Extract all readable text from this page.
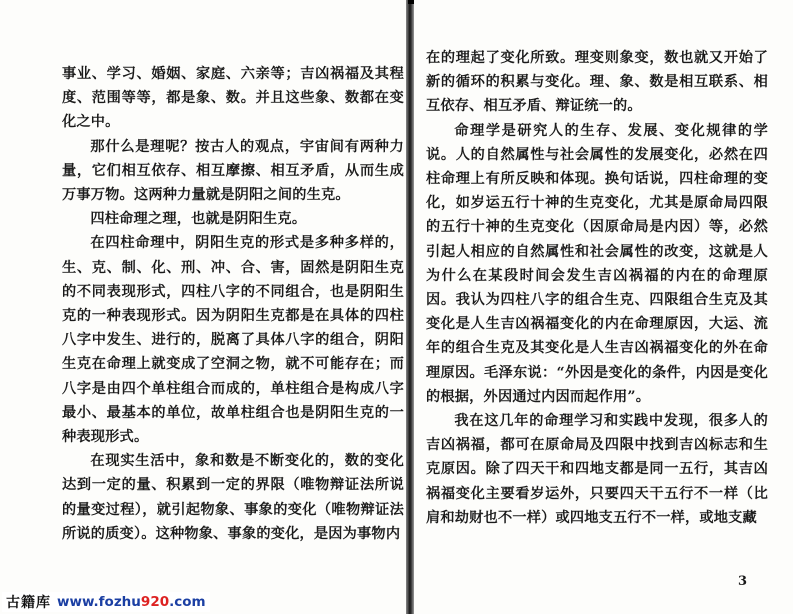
事业、学习、婚姻、家庭、六亲等；吉凶祸福及其程度、范围等等，都是象、数。并且这些象、数都在变化之中。

那什么是理呢？按古人的观点，宇宙间有两种力量，它们相互依存、相互摩擦、相互矛盾，从而生成万事万物。这两种力量就是阴阳之间的生克。

四柱命理之理，也就是阴阳生克。

在四柱命理中，阴阳生克的形式是多种多样的，生、克、制、化、刑、冲、合、害，固然是阴阳生克的不同表现形式，四柱八字的不同组合，也是阴阳生克的一种表现形式。因为阴阳生克都是在具体的四柱八字中发生、进行的，脱离了具体八字的组合，阴阳生克在命理上就变成了空洞之物，就不可能存在；而八字是由四个单柱组合而成的，单柱组合是构成八字最小、最基本的单位，故单柱组合也是阴阳生克的一种表现形式。

在现实生活中，象和数是不断变化的，数的变化达到一定的量、积累到一定的界限（唯物辩证法所说的量变过程），就引起物象、事象的变化（唯物辩证法所说的质变）。这种物象、事象的变化，是因为事物内

在的理起了变化所致。理变则象变，数也就又开始了新的循环的积累与变化。理、象、数是相互联系、相互依存、相互矛盾、辩证统一的。

命理学是研究人的生存、发展、变化规律的学说。人的自然属性与社会属性的发展变化，必然在四柱命理上有所反映和体现。换句话说，四柱命理的变化，如岁运五行十神的生克变化，尤其是原命局四限的五行十神的生克变化（因原命局是内因）等，必然引起人相应的自然属性和社会属性的改变，这就是人为什么在某段时间会发生吉凶祸福的内在的命理原因。我认为四柱八字的组合生克、四限组合生克及其变化是人生吉凶祸福变化的内在命理原因，大运、流年的组合生克及其变化是人生吉凶祸福变化的外在命理原因。毛泽东说：“外因是变化的条件，内因是变化的根据，外因通过内因而起作用”。

我在这几年的命理学习和实践中发现，很多人的吉凶祸福，都可在原命局及四限中找到吉凶标志和生克原因。除了四天干和四地支都是同一五行，其吉凶祸福变化主要看岁运外，只要四天干五行不一样（比肩和劫财也不一样）或四地支五行不一样，或地支藏

3
古籍库 www.fozhu920.com
